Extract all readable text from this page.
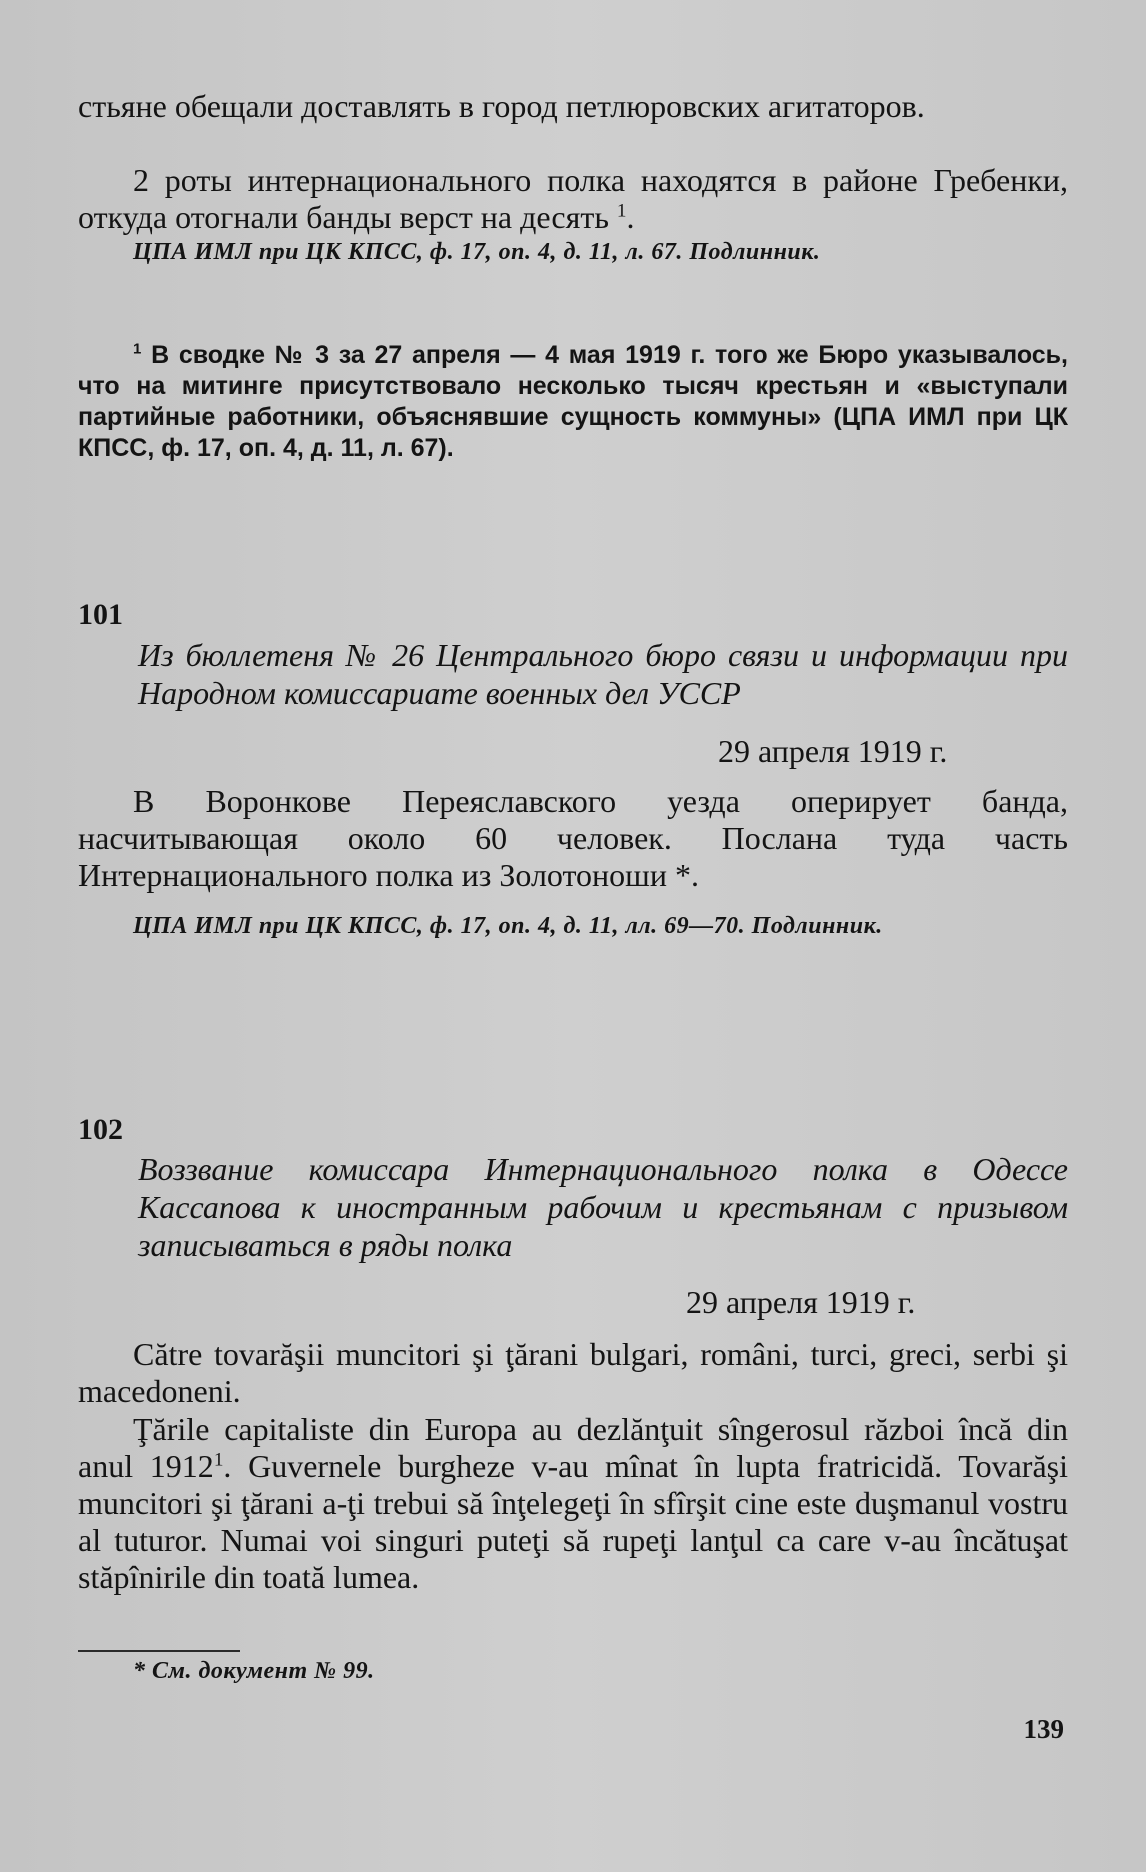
стьяне обещали доставлять в город петлюровских агитаторов.

2 роты интернационального полка находятся в районе Гребенки, откуда отогнали банды верст на десять $^1$.

ЦПА ИМЛ при ЦК КПСС, ф. 17, оп. 4, д. 11, л. 67. Подлинник.

$^1$ В сводке № 3 за 27 апреля — 4 мая 1919 г. того же Бюро указывалось, что на митинге присутствовало несколько тысяч крестьян и «выступали партийные работники, объяснявшие сущность коммуны» (ЦПА ИМЛ при ЦК КПСС, ф. 17, оп. 4, д. 11, л. 67).

101

Из бюллетеня № 26 Центрального бюро связи и информации при Народном комиссариате военных дел УССР

29 апреля 1919 г.

В Воронкове Переяславского уезда оперирует банда, насчитывающая около 60 человек. Послана туда часть Интернационального полка из Золотоноши *.

ЦПА ИМЛ при ЦК КПСС, ф. 17, оп. 4, д. 11, лл. 69—70. Подлинник.

102

Воззвание комиссара Интернационального полка в Одессе Кассапова к иностранным рабочим и крестьянам с призывом записываться в ряды полка

29 апреля 1919 г.

Către tovarăşii muncitori şi ţărani bulgari, români, turci, greci, serbi şi macedoneni.

Ţările capitaliste din Europa au dezlănţuit sîngerosul război încă din anul 1912$^1$. Guvernele burgheze v-au mînat în lupta fratricidă. Tovarăşi muncitori şi ţărani a-ţi trebui să înţelegeţi în sfîrşit cine este duşmanul vostru al tuturor. Numai voi singuri puteţi să rupeţi lanţul ca care v-au încătuşat stăpînirile din toată lumea.

* См. документ № 99.

139
